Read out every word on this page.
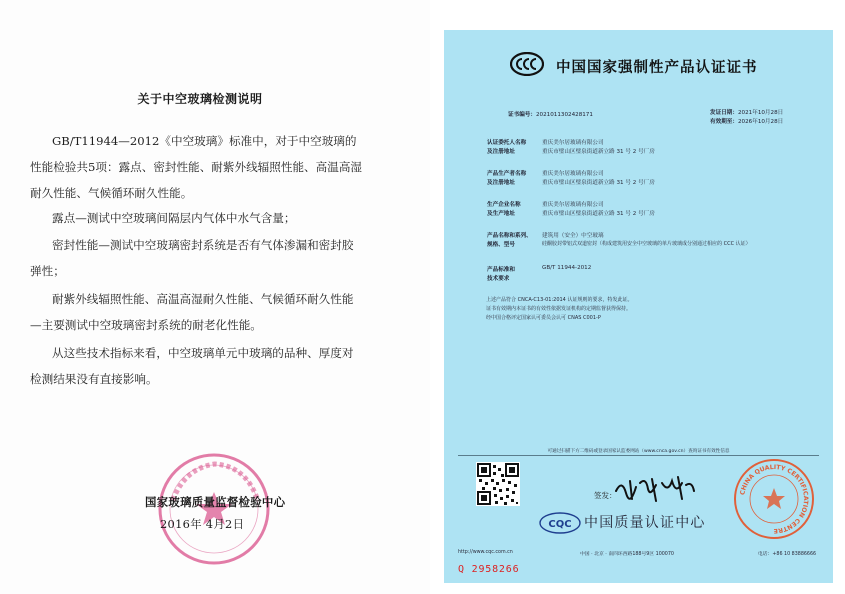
关于中空玻璃检测说明
GB/T11944—2012《中空玻璃》标准中，对于中空玻璃的性能检验共5项：露点、密封性能、耐紫外线辐照性能、高温高湿耐久性能、气候循环耐久性能。
露点—测试中空玻璃间隔层内气体中水气含量；
密封性能—测试中空玻璃密封系统是否有气体渗漏和密封胶弹性；
耐紫外线辐照性能、高温高湿耐久性能、气候循环耐久性能—主要测试中空玻璃密封系统的耐老化性能。
从这些技术指标来看，中空玻璃单元中玻璃的品种、厚度对检测结果没有直接影响。
国家玻璃质量监督检验中心
2016年 4月2日
中国国家强制性产品认证证书
证书编号：2021011302428171	发证日期：2021年10月28日
有效期至：2026年10月28日
认证委托人名称	重庆美尔居玻璃有限公司
及注册地址	重庆市璧山区璧泉街道新立路 31 号 2 号厂房
产品生产者名称	重庆美尔居玻璃有限公司
及注册地址	重庆市璧山区璧泉街道新立路 31 号 2 号厂房
生产企业名称	重庆美尔居玻璃有限公司
及生产地址	重庆市璧山区璧泉街道新立路 31 号 2 号厂房
产品名称和系列、 建筑用（安全）中空玻璃
规格、型号	硅酮胶封带铝式双道密封（构成建筑用安全中空玻璃的单片玻璃成分别通过相应的 CCC 认证）
产品标准和	GB/T 11944-2012
技术要求
上述产品符合 CNCA-C13-01:2014 认证规则的要求，特发此证。
证书有效期内本证书的有效性依据发证机构的定期监督获得保持。
经中国合格评定国家认可委员会认可 CNAS C001-P
可通过扫描下方二维码或登录国家认监委网站（www.cnca.gov.cn）查询证书有效性信息
签发：
CQC 中国质量认证中心
CHINA QUALITY CERTIFICATION CENTRE
http://www.cqc.com.cn	中国 · 北京 · 南四环西路188号9区 100070	电话：+86 10 83886666
Q 2958266
